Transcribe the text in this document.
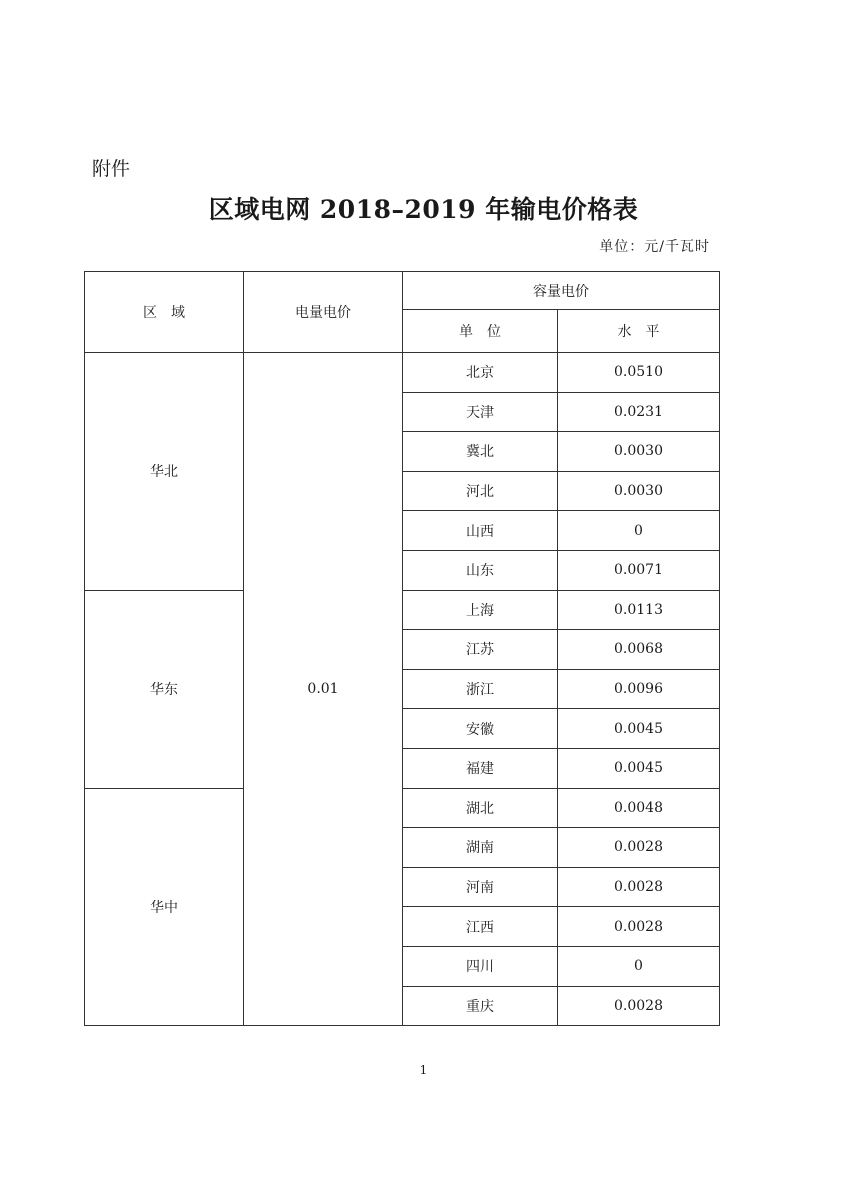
附件
区域电网 2018–2019 年输电价格表
单位：元/千瓦时
区　域	电量电价	容量电价	
		单　位	水　平
华北	0.01	北京	0.0510
		天津	0.0231
		冀北	0.0030
		河北	0.0030
		山西	0
		山东	0.0071
华东		上海	0.0113
		江苏	0.0068
		浙江	0.0096
		安徽	0.0045
		福建	0.0045
华中		湖北	0.0048
		湖南	0.0028
		河南	0.0028
		江西	0.0028
		四川	0
		重庆	0.0028
1
